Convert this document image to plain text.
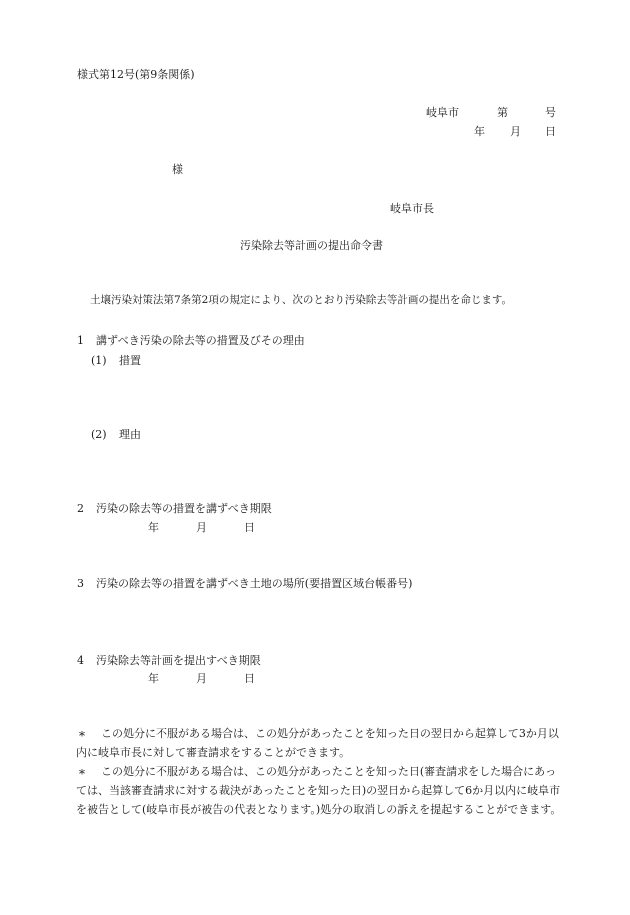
様式第12号(第9条関係)
岐阜市	第	号
年 月 日
様
岐阜市長
汚染除去等計画の提出命令書
土壌汚染対策法第7条第2項の規定により、次のとおり汚染除去等計画の提出を命じます。
1 講ずべき汚染の除去等の措置及びその理由
(1) 措置
(2) 理由
2 汚染の除去等の措置を講ずべき期限
年	月	日
3 汚染の除去等の措置を講ずべき土地の場所(要措置区域台帳番号)
4 汚染除去等計画を提出すべき期限
年	月	日
*	この処分に不服がある場合は、この処分があったことを知った日の翌日から起算して3か月以内に岐阜市長に対して審査請求をすることができます。
*	この処分に不服がある場合は、この処分があったことを知った日(審査請求をした場合にあっては、当該審査請求に対する裁決があったことを知った日)の翌日から起算して6か月以内に岐阜市を被告として(岐阜市長が被告の代表となります。)処分の取消しの訴えを提起することができます。
